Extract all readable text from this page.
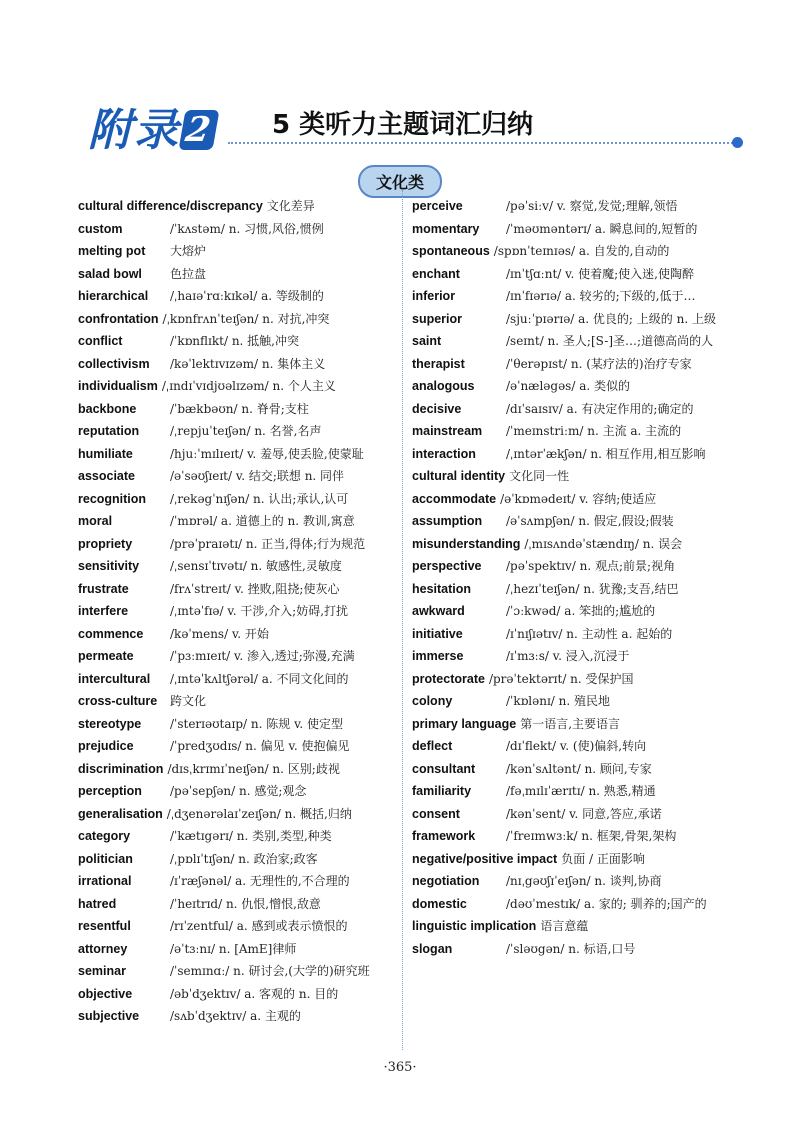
附录2 5 类听力主题词汇归纳
文化类
cultural difference/discrepancy 文化差异
custom	/ˈkʌstəm/ n. 习惯,风俗,惯例
melting pot	大熔炉
salad bowl	色拉盘
hierarchical	/ˌhaɪəˈrɑːkɪkəl/ a. 等级制的
confrontation /ˌkɒnfrʌnˈteɪʃən/ n. 对抗,冲突
conflict	/ˈkɒnflɪkt/ n. 抵触,冲突
collectivism	/kəˈlektɪvɪzəm/ n. 集体主义
individualism /ˌɪndɪˈvɪdjʊəlɪzəm/ n. 个人主义
backbone	/ˈbækbəʊn/ n. 脊骨;支柱
reputation	/ˌrepjuˈteɪʃən/ n. 名誉,名声
humiliate	/hjuːˈmɪlɪeɪt/ v. 羞辱,使丢脸,使蒙耻
associate	/əˈsəʊʃɪeɪt/ v. 结交;联想 n. 同伴
recognition	/ˌrekəgˈnɪʃən/ n. 认出;承认,认可
moral	/ˈmɒrəl/ a. 道德上的 n. 教训,寓意
propriety	/prəˈpraɪətɪ/ n. 正当,得体;行为规范
sensitivity	/ˌsensɪˈtɪvətɪ/ n. 敏感性,灵敏度
frustrate	/frʌˈstreɪt/ v. 挫败,阻挠;使灰心
interfere	/ˌɪntəˈfɪə/ v. 干涉,介入;妨碍,打扰
commence	/kəˈmens/ v. 开始
permeate	/ˈpɜːmɪeɪt/ v. 渗入,透过;弥漫,充满
intercultural	/ˌɪntəˈkʌltʃərəl/ a. 不同文化间的
cross-culture	跨文化
stereotype	/ˈsterɪəʊtaɪp/ n. 陈规 v. 使定型
prejudice	/ˈpredʒʊdɪs/ n. 偏见 v. 使抱偏见
discrimination /dɪsˌkrɪmɪˈneɪʃən/ n. 区别;歧视
perception	/pəˈsepʃən/ n. 感觉;观念
generalisation /ˌdʒenərəlaɪˈzeɪʃən/ n. 概括,归纳
category	/ˈkætɪgərɪ/ n. 类别,类型,种类
politician	/ˌpɒlɪˈtɪʃən/ n. 政治家;政客
irrational	/ɪˈræʃənəl/ a. 无理性的,不合理的
hatred	/ˈheɪtrɪd/ n. 仇恨,憎恨,敌意
resentful	/rɪˈzentful/ a. 感到或表示愤恨的
attorney	/əˈtɜːnɪ/ n. [AmE]律师
seminar	/ˈsemɪnɑː/ n. 研讨会,(大学的)研究班
objective	/əbˈdʒektɪv/ a. 客观的 n. 目的
subjective	/sʌbˈdʒektɪv/ a. 主观的
perceive	/pəˈsiːv/ v. 察觉,发觉;理解,领悟
momentary	/ˈməʊməntərɪ/ a. 瞬息间的,短暂的
spontaneous /spɒnˈteɪnɪəs/ a. 自发的,自动的
enchant	/ɪnˈtʃɑːnt/ v. 使着魔;使入迷,使陶醉
inferior	/ɪnˈfɪərɪə/ a. 较劣的;下级的,低于…
superior	/sjuːˈpɪərɪə/ a. 优良的; 上级的 n. 上级
saint	/seɪnt/ n. 圣人;[S-]圣…;道德高尚的人
therapist	/ˈθerəpɪst/ n. (某疗法的)治疗专家
analogous	/əˈnæləgəs/ a. 类似的
decisive	/dɪˈsaɪsɪv/ a. 有决定作用的;确定的
mainstream	/ˈmeɪnstriːm/ n. 主流 a. 主流的
interaction	/ˌɪntərˈækʃən/ n. 相互作用,相互影响
cultural identity 文化同一性
accommodate /əˈkɒmədeɪt/ v. 容纳;使适应
assumption	/əˈsʌmpʃən/ n. 假定,假设;假装
misunderstanding /ˌmɪsʌndəˈstændɪŋ/ n. 误会
perspective	/pəˈspektɪv/ n. 观点;前景;视角
hesitation	/ˌhezɪˈteɪʃən/ n. 犹豫;支吾,结巴
awkward	/ˈɔːkwəd/ a. 笨拙的;尴尬的
initiative	/ɪˈnɪʃɪətɪv/ n. 主动性 a. 起始的
immerse	/ɪˈmɜːs/ v. 浸入,沉浸于
protectorate /prəˈtektərɪt/ n. 受保护国
colony	/ˈkɒlənɪ/ n. 殖民地
primary language 第一语言,主要语言
deflect	/dɪˈflekt/ v. (使)偏斜,转向
consultant	/kənˈsʌltənt/ n. 顾问,专家
familiarity	/fəˌmɪlɪˈærɪtɪ/ n. 熟悉,精通
consent	/kənˈsent/ v. 同意,答应,承诺
framework	/ˈfreɪmwɜːk/ n. 框架,骨架,架构
negative/positive impact 负面 / 正面影响
negotiation	/nɪˌgəʊʃɪˈeɪʃən/ n. 谈判,协商
domestic	/dəʊˈmestɪk/ a. 家的; 驯养的;国产的
linguistic implication 语言意蕴
slogan	/ˈsləʊgən/ n. 标语,口号
·365·
